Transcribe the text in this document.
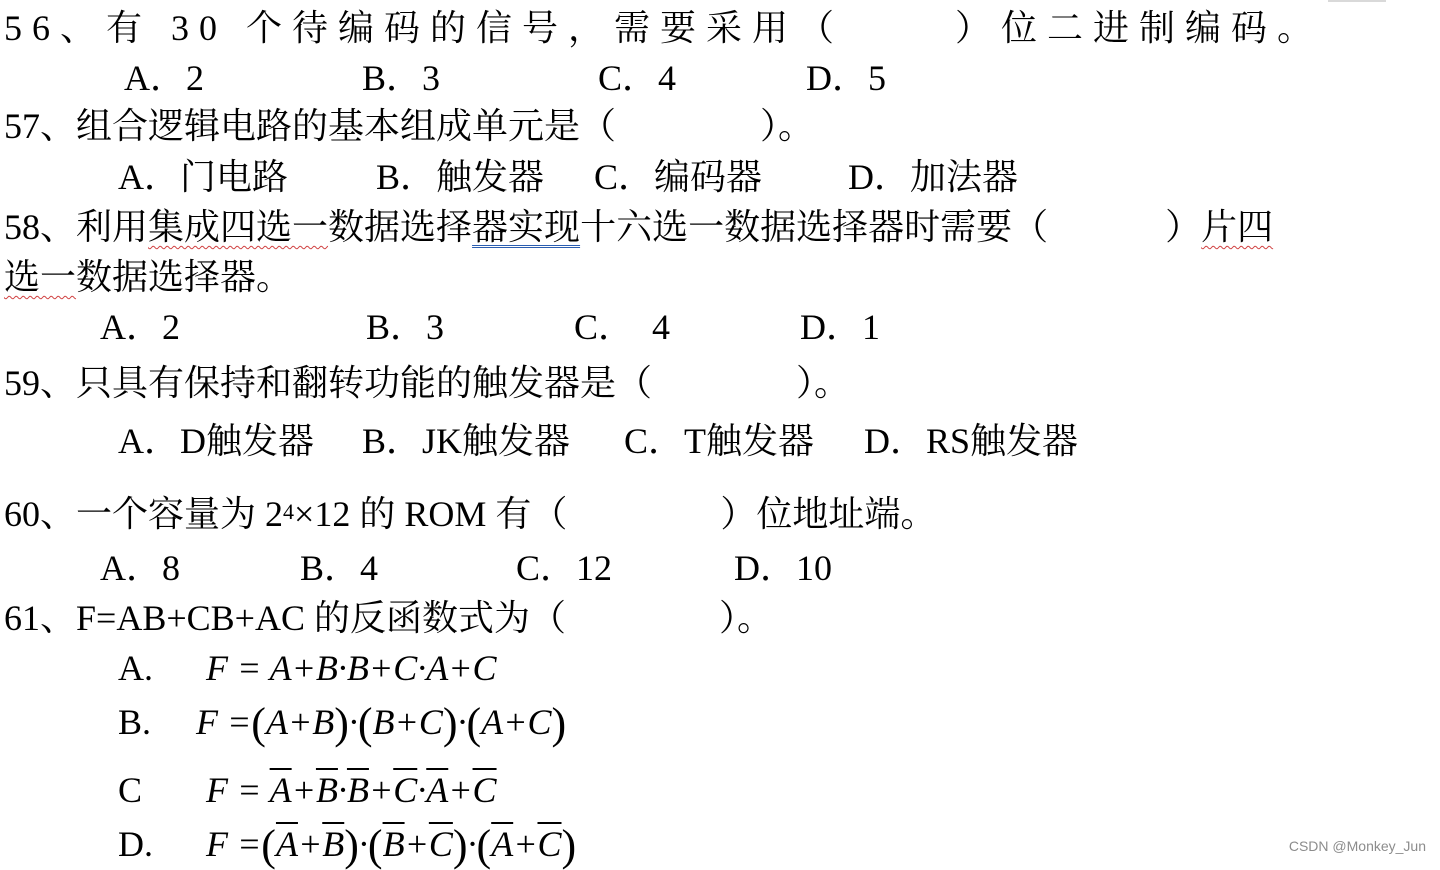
56、有 30 个待编码的信号，需要采用（　　 ）位二进制编码。
A．2	B．3	C．4	D．5
57、组合逻辑电路的基本组成单元是（　　　　）。
A．门电路 B．触发器 C．编码器 D．加法器
58、利用集成四选一数据选择器实现十六选一数据选择器时需要（　　　 ）片四
选一数据选择器。
A．2	B．3	C．　4	D．1
59、只具有保持和翻转功能的触发器是（　　　　）。
A．D触发器 B．JK触发器 C．T触发器 D．RS触发器
60、一个容量为 $2^4\times 12$ 的 ROM 有（　　　　 ）位地址端。
A．8	B．4	C．12	D．10
61、F=AB+CB+AC 的反函数式为（　　　　 ）。
A. F = A+B·B+C·A+C
B. F =(A+B)·(B+C)·(A+C)
C $F = \overline{A}+\overline{B}\cdot\overline{B}+\overline{C}\cdot\overline{A}+\overline{C}$
D. $F =(\overline{A}+\overline{B})\cdot(\overline{B}+\overline{C})\cdot(\overline{A}+\overline{C})$	CSDN @Monkey_Jun
